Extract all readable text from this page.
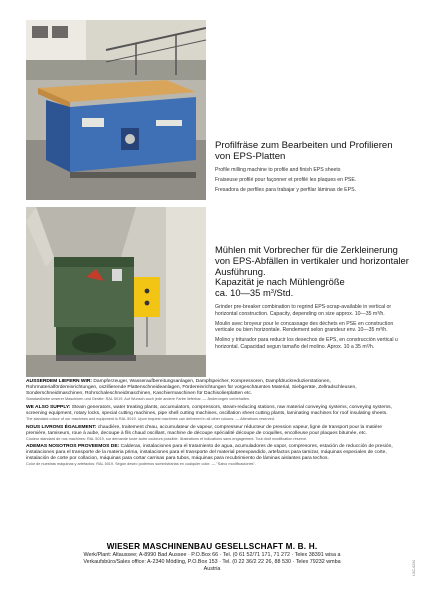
Profilfräse zum Bearbeiten und Profilieren von EPS-Platten
Profile milling machine to profile and finish EPS sheets
Fraiseuse profilé pour façonner et profilé les plaques en PSE.
Fresadora de perfiles para trabajar y perfilar láminas de EPS.
Mühlen mit Vorbrecher für die Zerkleinerung von EPS-Abfällen in vertikaler und horizontaler Ausführung.
Kapazität je nach Mühlengröße
ca. 10—35 $m^3$/Std.
Grinder pre-breaker combination to regrind EPS-scrap-available in vertical or horizontal construction. Capacity, depending on size approx. 10—35 m³/h.
Moulin avec broyeur pour le concassage des déchets en PSE en construction verticale ou bien horizontale. Rendement selon grandeur env. 10—35 m³/h.
Molino y triturador para reducir los desechos de EPS, en construcción vertical u horizontal. Capacidad segun tamaño del molino. Aprox. 10 a 35 m³/h.
AUSSERDEM LIEFERN WIR: Dampferzeuger, Wasseraufbereitungsanlagen, Dampfspeicher, Kompressoren, Dampfdruckreduzierstationen, Rohrmaterialfördereinrichtungen, oszillierende Plattenschneideanlagen, Fördereinrichtungen für vorgeschäumtes Material, Siebgeräte, Zellradschleusen, Sonderschneidmaschinen, Rohrschaleschneidmaschinen, Kaschiermaschinen für Dachisolierplatten etc.
Standardfarbe unserer Maschinen und Geräte: RAL 5019. Auf Wunsch auch jede andere Farbe lieferbar. — Änderungen vorbehalten.
WE ALSO SUPPLY: Steam generators, water treating plants, accumulators, compressors, steam-reducing stations, raw material conveying systems, conveying systems, screening equipment, rotary locks, special cutting machines, pipe shell cutting machines, oscillation sheet cutting plants, laminating machines for roof insulating sheets.
The standard colour of our machines and equipment is RAL 5019. Upon request machines can delivered in all other colours. — Alterations reserved.
NOUS LIVRONS ÉGALEMENT: chaudière, traitement d'eau, accumulateur de vapeur, compresseur réducteur de pression vapeur, ligne de transport pour la matière première, tamiseurs, roue à aube, decoupe à fils chaud oscillant, machine de découpe spécialité découpe de coquilles, encolleuse pour plaques bitumée, etc.
Couleur standard de nos machines: RAL 5019, sur demande toute autre couleurs possible. Illustrations et indications sans engagement. Tout droit modification réservé.
ADEMAS NOSOTROS PROVEEMOS DE: Calderas, instalaciones para el tratamiento de agua, acumuladores de vapor, compresores, estación de reducción de presión, instalaciones para el transporte de la materia prima, instalaciones para el transporte del material preexpandido, artefactos para tamizar, máquinas especiales de corte, instalación de corte por collacion, máquinas para cortar carrisas para tubos, máquinas para recubrimiento de láminas aislantes para techos.
Color de nuestras máquinas y artefactos: RAL 5019. Según deseo podemos suministrarlas en cualquier color. — "Salvo modificaciones".
WIESER MASCHINENBAU GESELLSCHAFT M. B. H.
Werk/Plant: Altaussee; A-8990 Bad Aussee · P.O.Box 66 · Tel. (0 61 52/71 171, 71 272 · Telex 38391 wisa a
Verkaufsbüro/Sales office: A-2340 Mödling, P.O.Box 153 · Tel. (0 22 36/2 22 26, 88 530 · Telex 79232 wmba
Austria	LSC-0234
